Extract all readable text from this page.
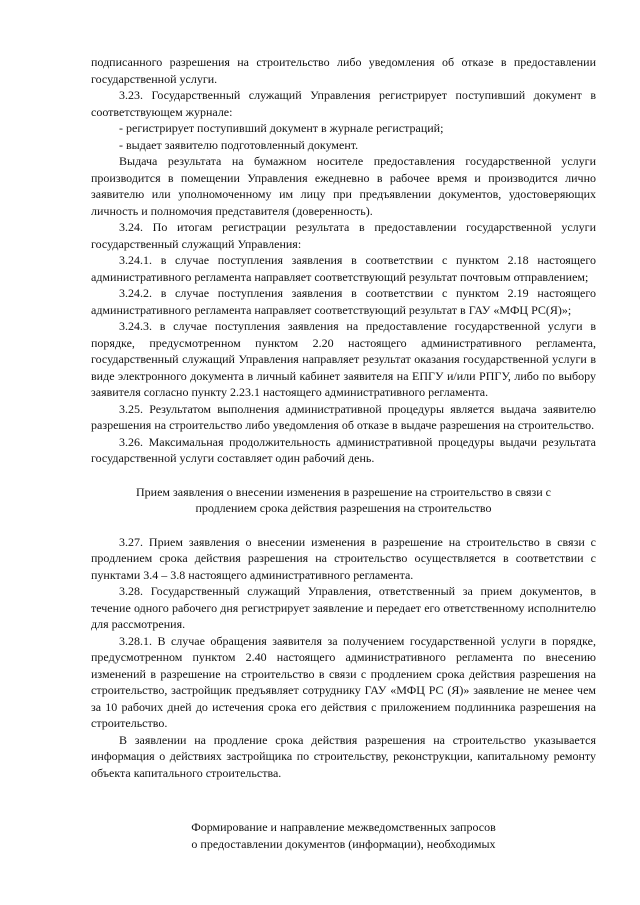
подписанного разрешения на строительство либо уведомления об отказе в предоставлении государственной услуги.

3.23. Государственный служащий Управления регистрирует поступивший документ в соответствующем журнале:

- регистрирует поступивший документ в журнале регистраций;

- выдает заявителю подготовленный документ.

Выдача результата на бумажном носителе предоставления государственной услуги производится в помещении Управления ежедневно в рабочее время и производится лично заявителю или уполномоченному им лицу при предъявлении документов, удостоверяющих личность и полномочия представителя (доверенность).

3.24. По итогам регистрации результата в предоставлении государственной услуги государственный служащий Управления:

3.24.1. в случае поступления заявления в соответствии с пунктом 2.18 настоящего административного регламента направляет соответствующий результат почтовым отправлением;

3.24.2. в случае поступления заявления в соответствии с пунктом 2.19 настоящего административного регламента направляет соответствующий результат в ГАУ «МФЦ РС(Я)»;

3.24.3. в случае поступления заявления на предоставление государственной услуги в порядке, предусмотренном пунктом 2.20 настоящего административного регламента, государственный служащий Управления направляет результат оказания государственной услуги в виде электронного документа в личный кабинет заявителя на ЕПГУ и/или РПГУ, либо по выбору заявителя согласно пункту 2.23.1 настоящего административного регламента.

3.25. Результатом выполнения административной процедуры является выдача заявителю разрешения на строительство либо уведомления об отказе в выдаче разрешения на строительство.

3.26. Максимальная продолжительность административной процедуры выдачи результата государственной услуги составляет один рабочий день.

Прием заявления о внесении изменения в разрешение на строительство в связи с

продлением срока действия разрешения на строительство

3.27. Прием заявления о внесении изменения в разрешение на строительство в связи с продлением срока действия разрешения на строительство осуществляется в соответствии с пунктами 3.4 – 3.8 настоящего административного регламента.

3.28. Государственный служащий Управления, ответственный за прием документов, в течение одного рабочего дня регистрирует заявление и передает его ответственному исполнителю для рассмотрения.

3.28.1. В случае обращения заявителя за получением государственной услуги в порядке, предусмотренном пунктом 2.40 настоящего административного регламента по внесению изменений в разрешение на строительство в связи с продлением срока действия разрешения на строительство, застройщик предъявляет сотруднику ГАУ «МФЦ РС (Я)» заявление не менее чем за 10 рабочих дней до истечения срока его действия с приложением подлинника разрешения на строительство.

В заявлении на продление срока действия разрешения на строительство указывается информация о действиях застройщика по строительству, реконструкции, капитальному ремонту объекта капитального строительства.

Формирование и направление межведомственных запросов

о предоставлении документов (информации), необходимых
